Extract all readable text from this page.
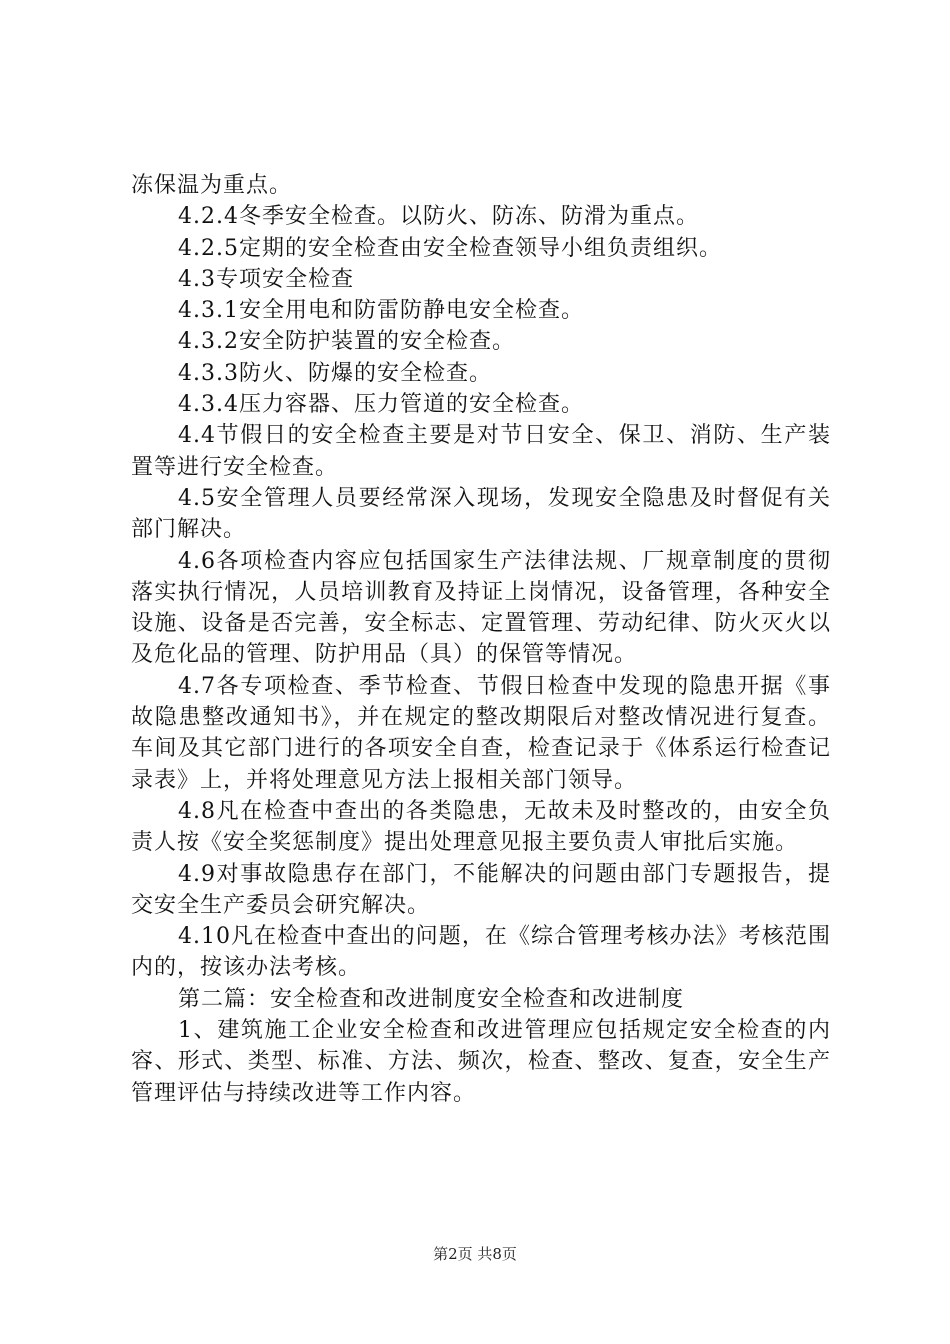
冻保温为重点。

4.2.4冬季安全检查。以防火、防冻、防滑为重点。

4.2.5定期的安全检查由安全检查领导小组负责组织。

4.3专项安全检查

4.3.1安全用电和防雷防静电安全检查。

4.3.2安全防护装置的安全检查。

4.3.3防火、防爆的安全检查。

4.3.4压力容器、压力管道的安全检查。

4.4节假日的安全检查主要是对节日安全、保卫、消防、生产装置等进行安全检查。

4.5安全管理人员要经常深入现场，发现安全隐患及时督促有关部门解决。

4.6各项检查内容应包括国家生产法律法规、厂规章制度的贯彻落实执行情况，人员培训教育及持证上岗情况，设备管理，各种安全设施、设备是否完善，安全标志、定置管理、劳动纪律、防火灭火以及危化品的管理、防护用品（具）的保管等情况。

4.7各专项检查、季节检查、节假日检查中发现的隐患开据《事故隐患整改通知书》，并在规定的整改期限后对整改情况进行复查。车间及其它部门进行的各项安全自查，检查记录于《体系运行检查记录表》上，并将处理意见方法上报相关部门领导。

4.8凡在检查中查出的各类隐患，无故未及时整改的，由安全负责人按《安全奖惩制度》提出处理意见报主要负责人审批后实施。

4.9对事故隐患存在部门，不能解决的问题由部门专题报告，提交安全生产委员会研究解决。

4.10凡在检查中查出的问题，在《综合管理考核办法》考核范围内的，按该办法考核。

第二篇：安全检查和改进制度安全检查和改进制度

1、建筑施工企业安全检查和改进管理应包括规定安全检查的内容、形式、类型、标准、方法、频次，检查、整改、复查，安全生产管理评估与持续改进等工作内容。

第2页 共8页
